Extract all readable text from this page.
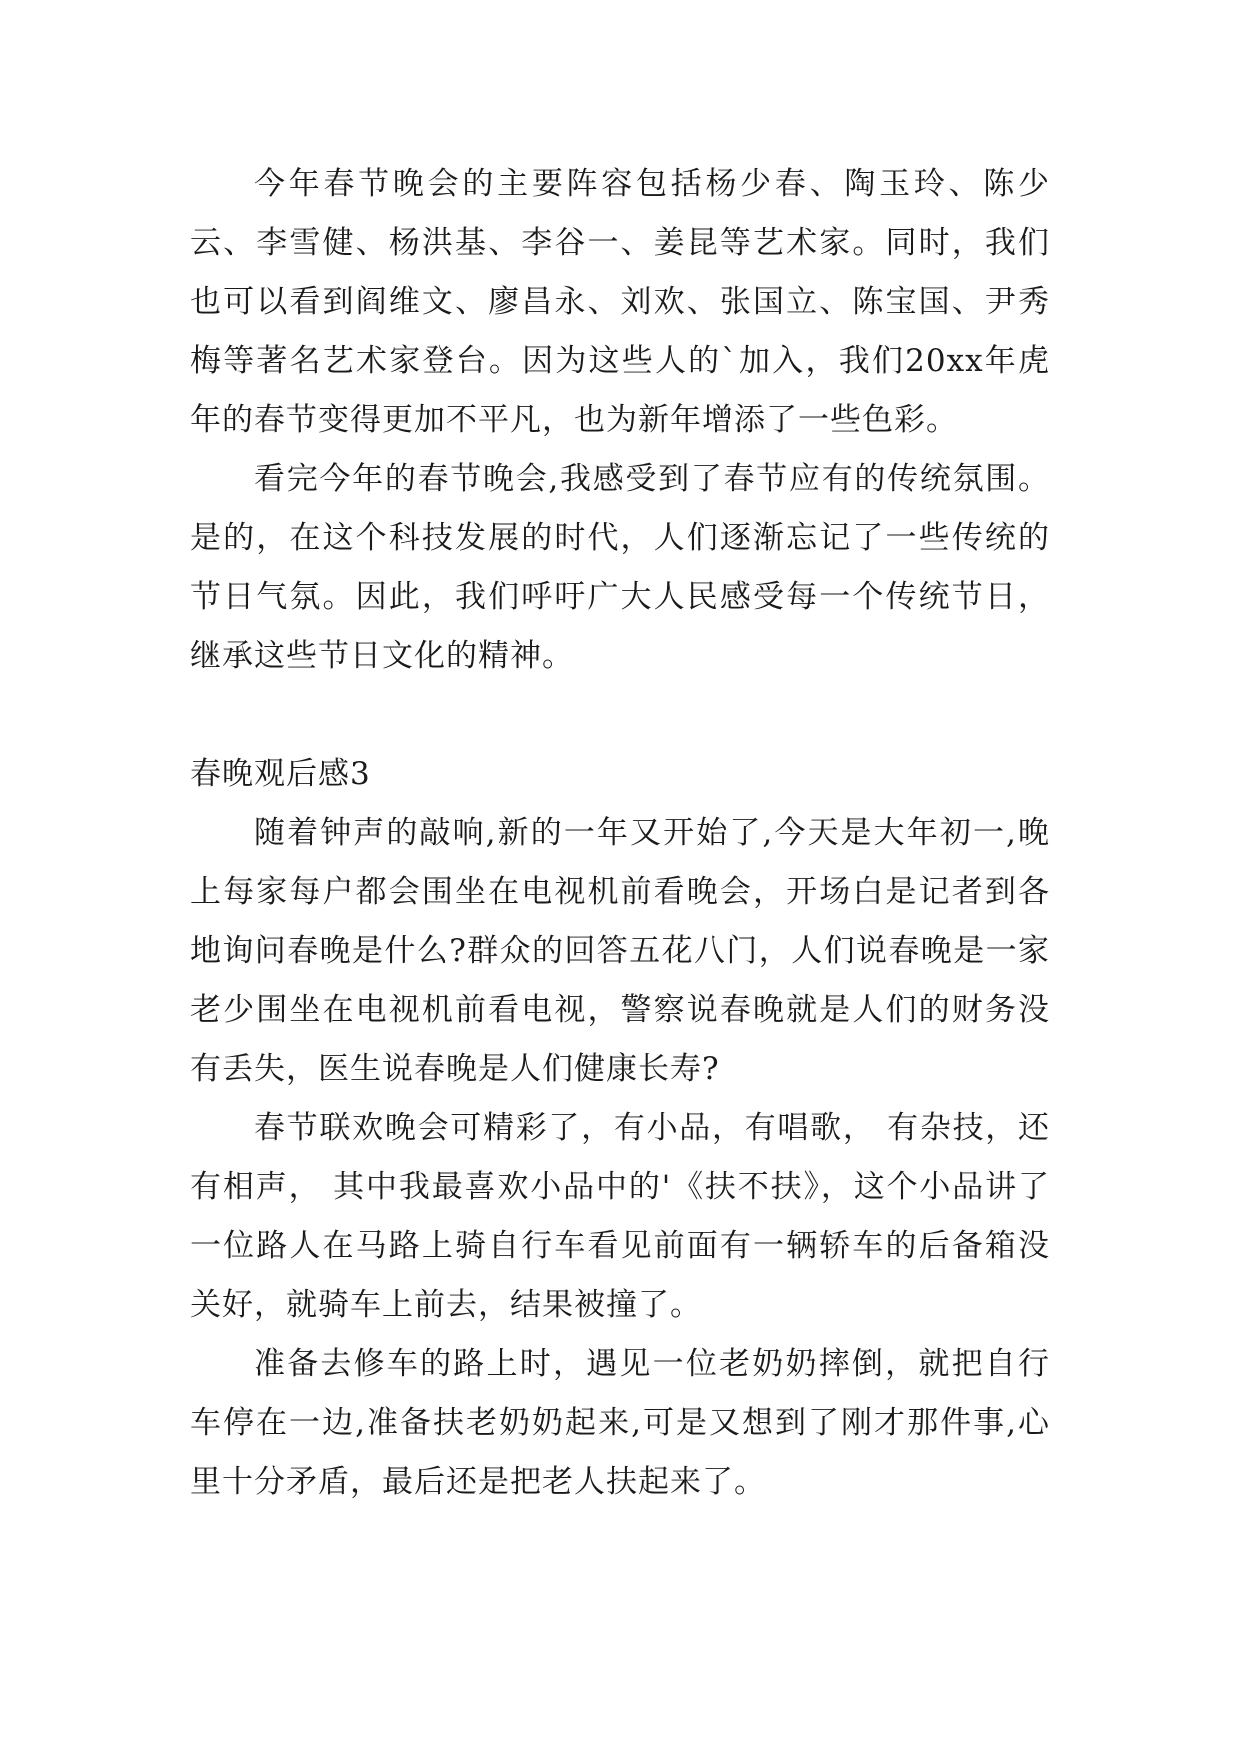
今年春节晚会的主要阵容包括杨少春、陶玉玲、陈少云、李雪健、杨洪基、李谷一、姜昆等艺术家。同时，我们也可以看到阎维文、廖昌永、刘欢、张国立、陈宝国、尹秀梅等著名艺术家登台。因为这些人的`加入，我们20xx年虎年的春节变得更加不平凡，也为新年增添了一些色彩。

看完今年的春节晚会,我感受到了春节应有的传统氛围。是的，在这个科技发展的时代，人们逐渐忘记了一些传统的节日气氛。因此，我们呼吁广大人民感受每一个传统节日，继承这些节日文化的精神。

春晚观后感3

随着钟声的敲响,新的一年又开始了,今天是大年初一,晚上每家每户都会围坐在电视机前看晚会，开场白是记者到各地询问春晚是什么?群众的回答五花八门，人们说春晚是一家老少围坐在电视机前看电视，警察说春晚就是人们的财务没有丢失，医生说春晚是人们健康长寿?

春节联欢晚会可精彩了，有小品，有唱歌， 有杂技，还有相声， 其中我最喜欢小品中的'《扶不扶》，这个小品讲了一位路人在马路上骑自行车看见前面有一辆轿车的后备箱没关好，就骑车上前去，结果被撞了。

准备去修车的路上时，遇见一位老奶奶摔倒，就把自行车停在一边,准备扶老奶奶起来,可是又想到了刚才那件事,心里十分矛盾，最后还是把老人扶起来了。
